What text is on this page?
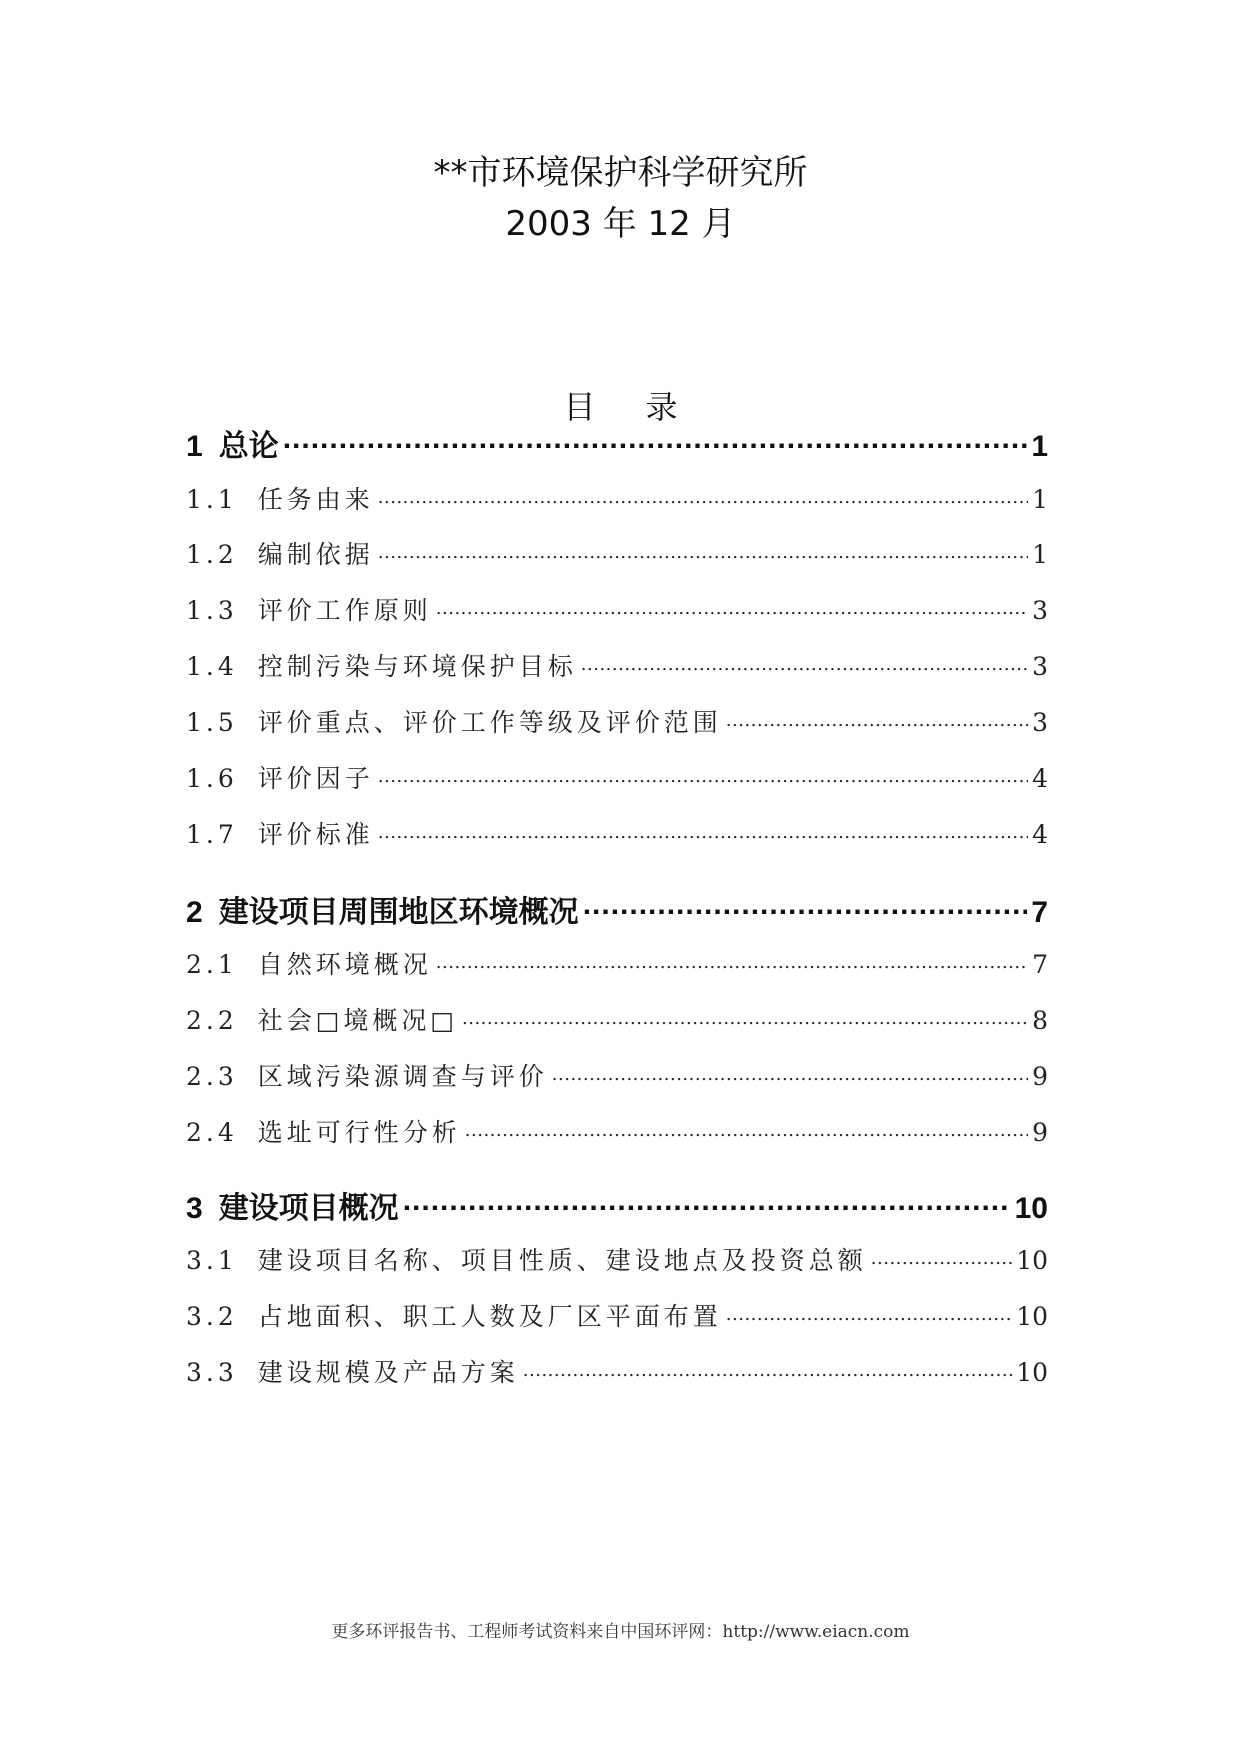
**市环境保护科学研究所
2003 年 12 月
目录
1 总论 .....	1
1.1 任务由来 .....	1
1.2 编制依据 .....	1
1.3 评价工作原则 .....	3
1.4 控制污染与环境保护目标 .....	3
1.5 评价重点、评价工作等级及评价范围 .....	3
1.6 评价因子 .....	4
1.7 评价标准 .....	4
2 建设项目周围地区环境概况 .....	7
2.1 自然环境概况 .....	7
2.2 社会□境概况□ .....	8
2.3 区域污染源调查与评价 .....	9
2.4 选址可行性分析 .....	9
3 建设项目概况 .....	10
3.1 建设项目名称、项目性质、建设地点及投资总额 .....	10
3.2 占地面积、职工人数及厂区平面布置 .....	10
3.3 建设规模及产品方案 .....	10
更多环评报告书、工程师考试资料来自中国环评网：http://www.eiacn.com
